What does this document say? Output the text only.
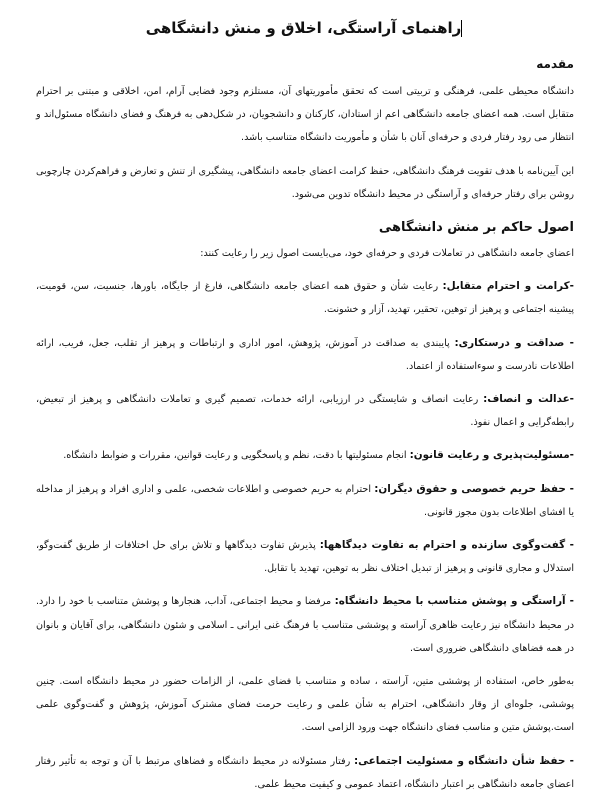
راهنمای آراستگی، اخلاق و منش دانشگاهی
مقدمه

دانشگاه محیطی علمی، فرهنگی و تربیتی است که تحقق مأموریتهای آن، مستلزم وجود فضایی آرام، امن، اخلاقی و مبتنی بر احترام متقابل است. همه اعضای جامعه دانشگاهی اعم از استادان، کارکنان و دانشجویان، در شکل‌دهی به فرهنگ و فضای دانشگاه مسئول‌اند و انتظار می رود رفتار فردی و حرفه‌ای آنان با شأن و مأموریت دانشگاه متناسب باشد.

این آیین‌نامه با هدف تقویت فرهنگ دانشگاهی، حفظ کرامت اعضای جامعه دانشگاهی، پیشگیری از تنش و تعارض و فراهم‌کردن چارچوبی روشن برای رفتار حرفه‌ای و آراستگی در محیط دانشگاه تدوین می‌شود.

اصول حاکم بر منش دانشگاهی

اعضای جامعه دانشگاهی در تعاملات فردی و حرفه‌ای خود، می‌بایست اصول زیر را رعایت کنند:

-کرامت و احترام متقابل: رعایت شأن و حقوق همه اعضای جامعه دانشگاهی، فارغ از جایگاه، باورها، جنسیت، سن، قومیت، پیشینه اجتماعی و پرهیز از توهین، تحقیر، تهدید، آزار و خشونت.

- صداقت و درستکاری: پایبندی به صداقت در آموزش، پژوهش، امور اداری و ارتباطات و پرهیز از تقلب، جعل، فریب، ارائه اطلاعات نادرست و سوءاستفاده از اعتماد.

-عدالت و انصاف: رعایت انصاف و شایستگی در ارزیابی، ارائه خدمات، تصمیم گیری و تعاملات دانشگاهی و پرهیز از تبعیض، رابطه‌گرایی و اعمال نفوذ.

-مسئولیت‌پذیری و رعایت قانون: انجام مسئولیتها با دقت، نظم و پاسخگویی و رعایت قوانین، مقررات و ضوابط دانشگاه.

- حفظ حریم خصوصی و حقوق دیگران: احترام به حریم خصوصی و اطلاعات شخصی، علمی و اداری افراد و پرهیز از مداخله یا افشای اطلاعات بدون مجوز قانونی.

- گفت‌وگوی سازنده و احترام به تفاوت دیدگاهها: پذیرش تفاوت دیدگاهها و تلاش برای حل اختلافات از طریق گفت‌وگو، استدلال و مجاری قانونی و پرهیز از تبدیل اختلاف نظر به توهین، تهدید یا تقابل.

- آراستگی و پوشش متناسب با محیط دانشگاه: مرفضا و محیط اجتماعی، آداب، هنجارها و پوشش متناسب با خود را دارد. در محیط دانشگاه نیز رعایت ظاهری آراسته و پوششی متناسب با فرهنگ غنی ایرانی ـ اسلامی و شئون دانشگاهی، برای آقایان و بانوان در همه فضاهای دانشگاهی ضروری است.

به‌طور خاص، استفاده از پوششی متین، آراسته ، ساده و متناسب با فضای علمی، از الزامات حضور در محیط دانشگاه است. چنین پوششی، جلوه‌ای از وقار دانشگاهی، احترام به شأن علمی و رعایت حرمت فضای مشترک آموزش، پژوهش و گفت‌وگوی علمی است.پوشش متین و مناسب فضای دانشگاه جهت ورود الزامی است.

- حفظ شأن دانشگاه و مسئولیت اجتماعی: رفتار مسئولانه در محیط دانشگاه و فضاهای مرتبط با آن و توجه به تأثیر رفتار اعضای جامعه دانشگاهی بر اعتبار دانشگاه، اعتماد عمومی و کیفیت محیط علمی.
